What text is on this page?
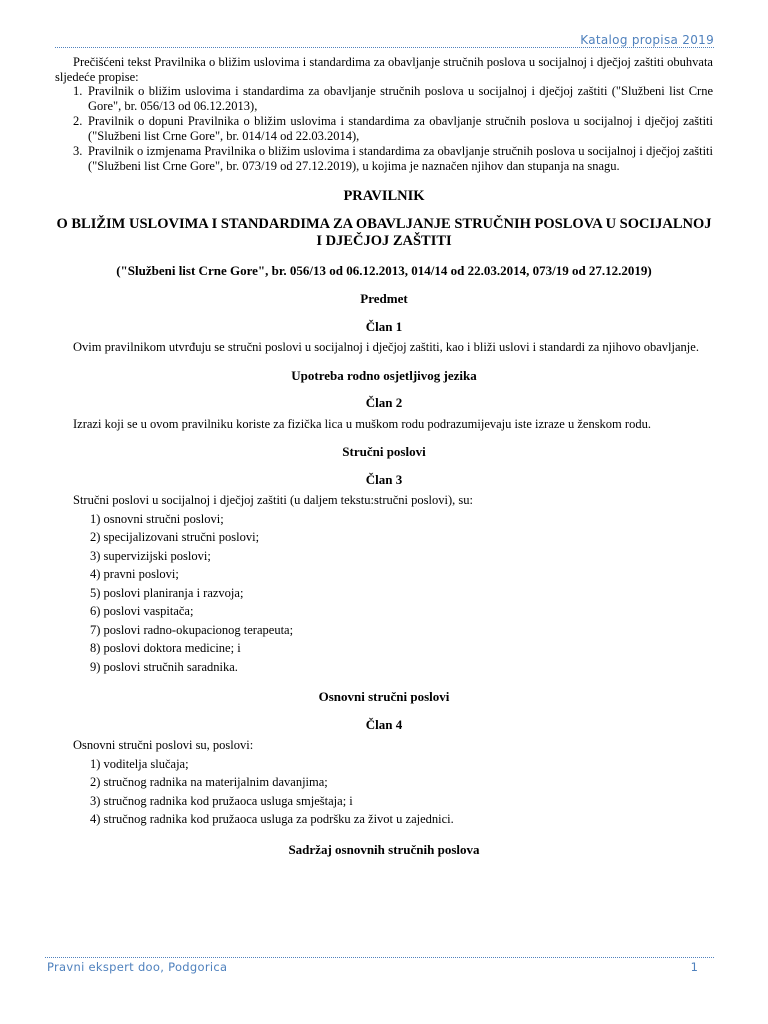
Katalog propisa 2019

Prečišćeni tekst Pravilnika o bližim uslovima i standardima za obavljanje stručnih poslova u socijalnoj i dječjoj zaštiti obuhvata sljedeće propise:

1. Pravilnik o bližim uslovima i standardima za obavljanje stručnih poslova u socijalnoj i dječjoj zaštiti ("Službeni list Crne Gore", br. 056/13 od 06.12.2013),
2. Pravilnik o dopuni Pravilnika o bližim uslovima i standardima za obavljanje stručnih poslova u socijalnoj i dječjoj zaštiti ("Službeni list Crne Gore", br. 014/14 od 22.03.2014),
3. Pravilnik o izmjenama Pravilnika o bližim uslovima i standardima za obavljanje stručnih poslova u socijalnoj i dječjoj zaštiti ("Službeni list Crne Gore", br. 073/19 od 27.12.2019), u kojima je naznačen njihov dan stupanja na snagu.
PRAVILNIK
O BLIŽIM USLOVIMA I STANDARDIMA ZA OBAVLJANJE STRUČNIH POSLOVA U SOCIJALNOJ I DJEČJOJ ZAŠTITI
("Službeni list Crne Gore", br. 056/13 od 06.12.2013, 014/14 od 22.03.2014, 073/19 od 27.12.2019)
Predmet
Član 1

Ovim pravilnikom utvrđuju se stručni poslovi u socijalnoj i dječjoj zaštiti, kao i bliži uslovi i standardi za njihovo obavljanje.

Upotreba rodno osjetljivog jezika
Član 2

Izrazi koji se u ovom pravilniku koriste za fizička lica u muškom rodu podrazumijevaju iste izraze u ženskom rodu.

Stručni poslovi
Član 3

Stručni poslovi u socijalnoj i dječjoj zaštiti (u daljem tekstu:stručni poslovi), su:

1) osnovni stručni poslovi;
2) specijalizovani stručni poslovi;
3) supervizijski poslovi;
4) pravni poslovi;
5) poslovi planiranja i razvoja;
6) poslovi vaspitača;
7) poslovi radno-okupacionog terapeuta;
8) poslovi doktora medicine; i
9) poslovi stručnih saradnika.
Osnovni stručni poslovi
Član 4

Osnovni stručni poslovi su, poslovi:

1) voditelja slučaja;
2) stručnog radnika na materijalnim davanjima;
3) stručnog radnika kod pružaoca usluga smještaja; i
4) stručnog radnika kod pružaoca usluga za podršku za život u zajednici.
Sadržaj osnovnih stručnih poslova
Pravni ekspert doo, Podgorica	1
